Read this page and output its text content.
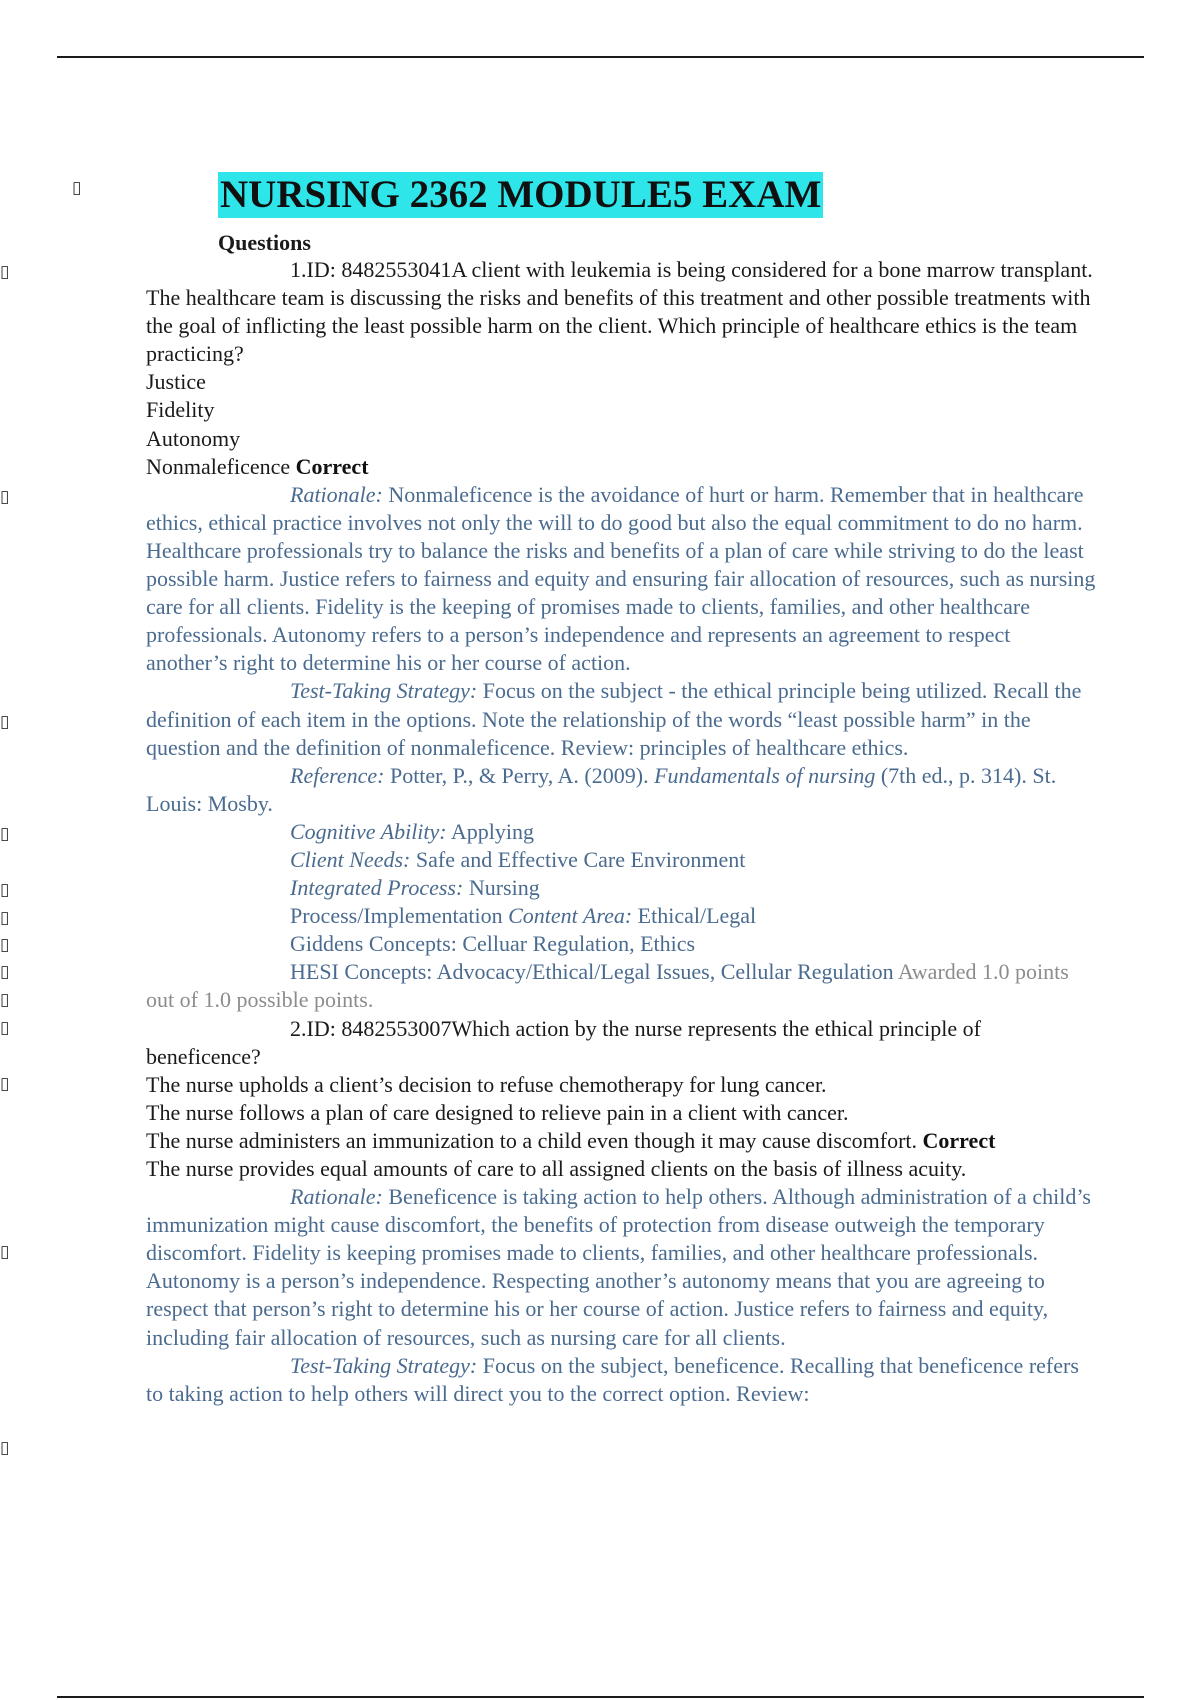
▯
▯
▯
▯
▯
▯
▯
▯
▯
▯
▯
▯
▯
▯
NURSING 2362 MODULE5 EXAM
Questions

1.ID: 8482553041A client with leukemia is being considered for a bone marrow transplant. The healthcare team is discussing the risks and benefits of this treatment and other possible treatments with the goal of inflicting the least possible harm on the client. Which principle of healthcare ethics is the team practicing?

Justice

Fidelity

Autonomy

Nonmaleficence Correct

Rationale: Nonmaleficence is the avoidance of hurt or harm. Remember that in healthcare ethics, ethical practice involves not only the will to do good but also the equal commitment to do no harm. Healthcare professionals try to balance the risks and benefits of a plan of care while striving to do the least possible harm. Justice refers to fairness and equity and ensuring fair allocation of resources, such as nursing care for all clients. Fidelity is the keeping of promises made to clients, families, and other healthcare professionals. Autonomy refers to a person’s independence and represents an agreement to respect another’s right to determine his or her course of action.

Test-Taking Strategy: Focus on the subject - the ethical principle being utilized. Recall the definition of each item in the options. Note the relationship of the words “least possible harm” in the question and the definition of nonmaleficence. Review: principles of healthcare ethics.

Reference: Potter, P., & Perry, A. (2009). Fundamentals of nursing (7th ed., p. 314). St. Louis: Mosby.

Cognitive Ability: Applying

Client Needs: Safe and Effective Care Environment

Integrated Process: Nursing

Process/Implementation Content Area: Ethical/Legal

Giddens Concepts: Celluar Regulation, Ethics

HESI Concepts: Advocacy/Ethical/Legal Issues, Cellular Regulation Awarded 1.0 points out of 1.0 possible points.

2.ID: 8482553007Which action by the nurse represents the ethical principle of beneficence?

The nurse upholds a client’s decision to refuse chemotherapy for lung cancer.

The nurse follows a plan of care designed to relieve pain in a client with cancer.

The nurse administers an immunization to a child even though it may cause discomfort. Correct

The nurse provides equal amounts of care to all assigned clients on the basis of illness acuity.

Rationale: Beneficence is taking action to help others. Although administration of a child’s immunization might cause discomfort, the benefits of protection from disease outweigh the temporary discomfort. Fidelity is keeping promises made to clients, families, and other healthcare professionals. Autonomy is a person’s independence. Respecting another’s autonomy means that you are agreeing to respect that person’s right to determine his or her course of action. Justice refers to fairness and equity, including fair allocation of resources, such as nursing care for all clients.

Test-Taking Strategy: Focus on the subject, beneficence. Recalling that beneficence refers to taking action to help others will direct you to the correct option. Review:
